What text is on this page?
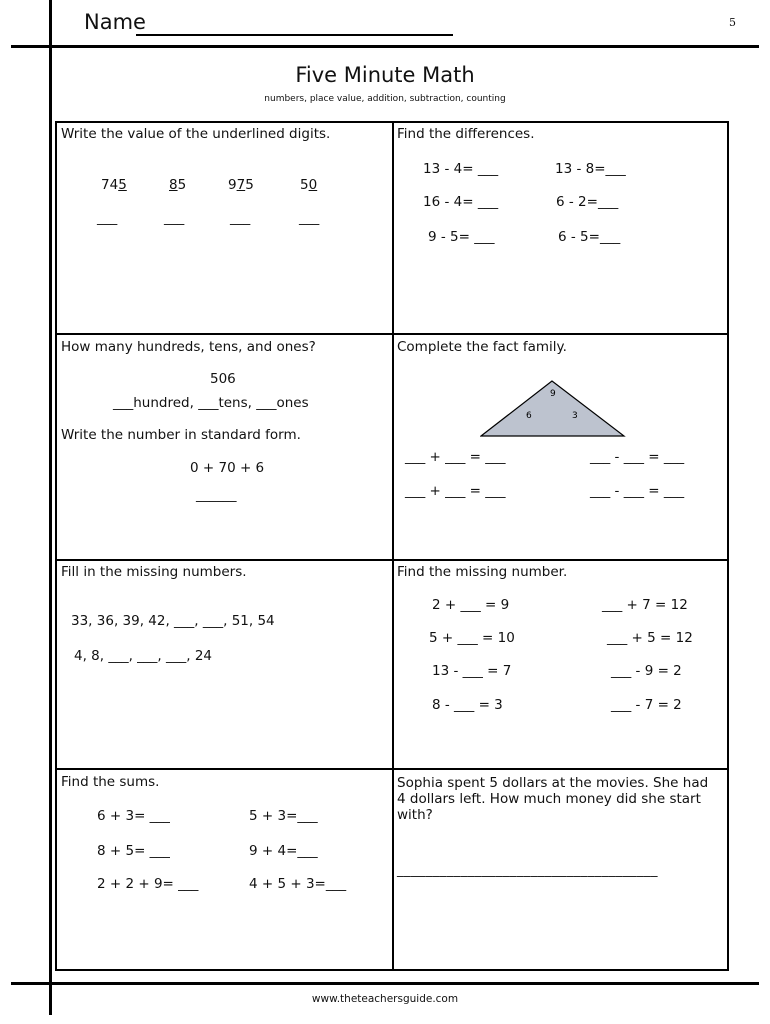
Name	5
Five Minute Math
numbers, place value, addition, subtraction, counting
Write the value of the underlined digits.
745	85	975	50
___	___	___	___
Find the differences.
13 - 4= ___	13 - 8=___
16 - 4= ___	6 - 2=___
9 - 5= ___	6 - 5=___
How many hundreds, tens, and ones?
506
___hundred, ___tens, ___ones
Write the number in standard form.
0 + 70 + 6
______
Complete the fact family.
9
6	3
___ + ___ = ___	___ - ___ = ___
___ + ___ = ___	___ - ___ = ___
Fill in the missing numbers.
33, 36, 39, 42, ___, ___, 51, 54
4, 8, ___, ___, ___, 24
Find the missing number.
2 + ___ = 9	___ + 7 = 12
5 + ___ = 10	___ + 5 = 12
13 - ___ = 7	___ - 9 = 2
8 - ___ = 3	___ - 7 = 2
Find the sums.
6 + 3= ___	5 + 3=___
8 + 5= ___	9 + 4=___
2 + 2 + 9= ___	4 + 5 + 3=___
Sophia spent 5 dollars at the movies. She had
4 dollars left. How much money did she start
with?
_____________________________________
www.theteachersguide.com
